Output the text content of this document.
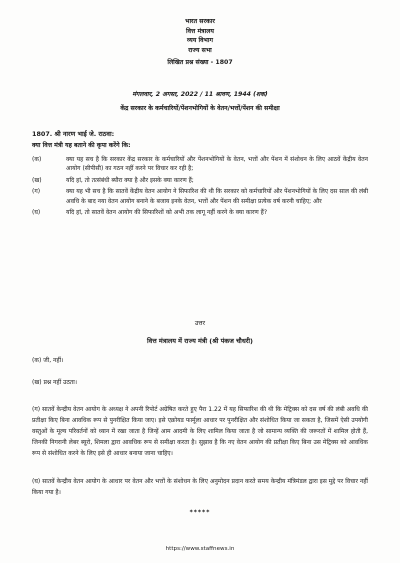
भारत सरकार
वित्त मंत्रालय
व्यय विभाग
राज्य सभा
लिखित प्रश्न संख्या - 1807
मंगलवार, 2 अगस्त, 2022 / 11 श्रावण, 1944 (शक)
केंद्र सरकार के कर्मचारियों/पेंशनभोगियों के वेतन/भत्तों/पेंशन की समीक्षा
1807. श्री नारण भाई जे. राठवा:
क्या वित्त मंत्री यह बताने की कृपा करेंगे कि:
(क)	क्या यह सच है कि सरकार केंद्र सरकार के कर्मचारियों और पेंशनभोगियों के वेतन, भत्तों और पेंशन में संशोधन के लिए आठवें केंद्रीय वेतन आयोग (सीपीसी) का गठन नहीं करने पर विचार कर रही है;
(ख)	यदि हां, तो तत्संबंधी ब्यौरा क्या है और इसके क्या कारण हैं;
(ग)	क्या यह भी सच है कि सातवें केंद्रीय वेतन आयोग ने सिफारिश की थी कि सरकार को कर्मचारियों और पेंशनभोगियों के लिए दस साल की लंबी अवधि के बाद नया वेतन आयोग बनाने के बजाय इनके वेतन, भत्तों और पेंशन की समीक्षा प्रत्येक वर्ष करनी चाहिए; और
(घ)	यदि हां, तो सातवें वेतन आयोग की सिफारिशों को अभी तक लागू नहीं करने के क्या कारण हैं?
उत्तर
वित्त मंत्रालय में राज्य मंत्री (श्री पंकज चौधरी)
(क) जी, नहीं।
(ख) प्रश्न नहीं उठता।
(ग) सातवें केन्द्रीय वेतन आयोग के अध्यक्ष ने अपनी रिपोर्ट अग्रेषित करते हुए पैरा 1.22 में यह सिफारिश की थी कि मेट्रिक्स को दस वर्ष की लंबी अवधि की प्रतीक्षा किए बिना आवधिक रूप से पुनरीक्षित किया जाए। इसे एक्रोयड फार्मूला आधार पर पुनरीक्षित और संशोधित किया जा सकता है, जिसमें ऐसी उपयोगी वस्तुओं के मूल्य परिवर्तनों को ध्यान में रखा जाता है जिन्हें आम आदमी के लिए शामिल किया जाता है जो सामान्य व्यक्ति की जरूरतों में शामिल होती हैं, जिनकी निगरानी लेबर ब्यूरो, शिमला द्वारा आवधिक रूप से समीक्षा करता है। सुझाव है कि नए वेतन आयोग की प्रतीक्षा किए बिना उस मेट्रिक्स को आवधिक रूप से संशोधित करने के लिए इसे ही आधार बनाया जाना चाहिए।
(घ) सातवें केन्द्रीय वेतन आयोग के आधार पर वेतन और भत्तों के संशोधन के लिए अनुमोदन प्रदान करते समय केन्द्रीय मंत्रिमंडल द्वारा इस मुद्दे पर विचार नहीं किया गया है।
*****
https://www.staffnews.in
